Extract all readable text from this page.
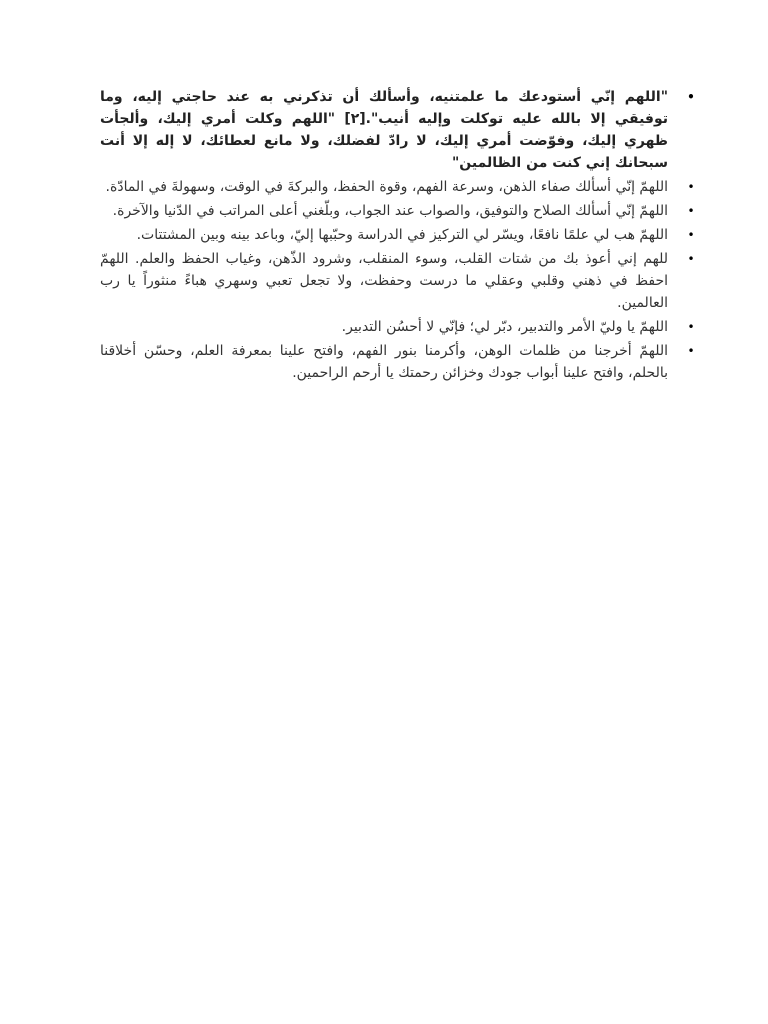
•
"اللهم إنّي أستودعك ما علمتنيه، وأسألك أن تذكرني به عند حاجتي إليه، وما توفيقي إلا بالله عليه توكلت وإليه أنيب".[٢] "اللهم وكلت أمري إليك، وألجأت ظهري إليك، وفوّضت أمري إليك، لا رادّ لفضلك، ولا مانع لعطائك، لا إله إلا أنت سبحانك إني كنت من الظالمين"
•
اللهمّ إنّي أسألك صفاء الذهن، وسرعة الفهم، وقوة الحفظ، والبركةَ في الوقت، وسهولةَ في المادّة.
•
اللهمّ إنّي أسألك الصلاح والتوفيق، والصواب عند الجواب، وبلّغني أعلى المراتب في الدّنيا والآخرة.
•
اللهمّ هب لي علمًا نافعًا، ويسّر لي التركيز في الدراسة وحبّبها إليّ، وباعد بينه وبين المشتتات.
•
للهم إني أعوذ بك من شتات القلب، وسوء المنقلب، وشرود الذّهن، وغياب الحفظ والعلم. اللهمّ احفظ في ذهني وقلبي وعقلي ما درست وحفظت، ولا تجعل تعبي وسهري هباءً منثوراً يا رب العالمين.
•
اللهمّ يا وليّ الأمر والتدبير، دبّر لي؛ فإنّي لا أحسُن التدبير.
•
اللهمّ أخرجنا من ظلمات الوهن، وأكرمنا بنور الفهم، وافتح علينا بمعرفة العلم، وحسّن أخلاقنا بالحلم، وافتح علينا أبواب جودك وخزائن رحمتك يا أرحم الراحمين.
